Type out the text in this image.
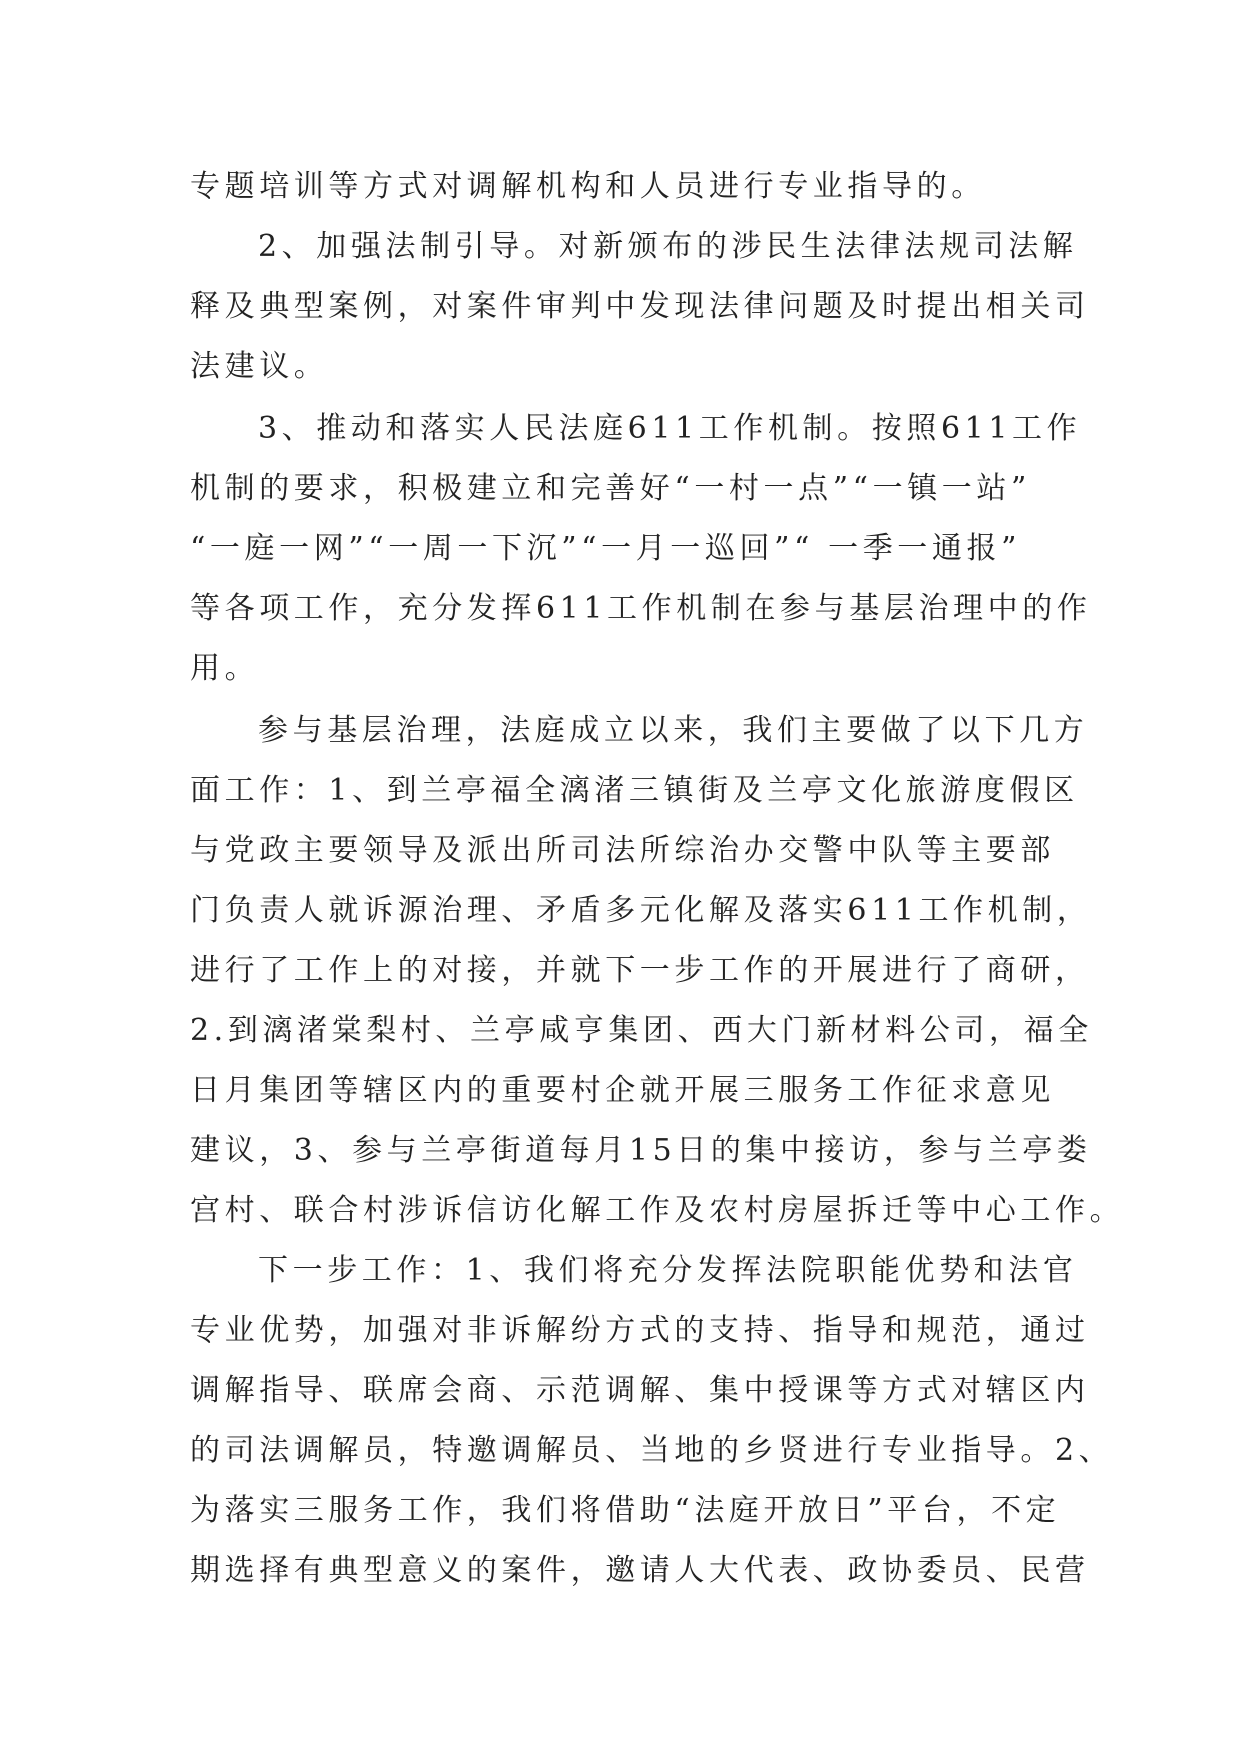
专题培训等方式对调解机构和人员进行专业指导的。
2、加强法制引导。对新颁布的涉民生法律法规司法解
释及典型案例，对案件审判中发现法律问题及时提出相关司
法建议。
3、推动和落实人民法庭611工作机制。按照611工作
机制的要求，积极建立和完善好“一村一点”“一镇一站”
“一庭一网”“一周一下沉”“一月一巡回”“ 一季一通报”
等各项工作，充分发挥611工作机制在参与基层治理中的作
用。
参与基层治理，法庭成立以来，我们主要做了以下几方
面工作：1、到兰亭福全漓渚三镇街及兰亭文化旅游度假区
与党政主要领导及派出所司法所综治办交警中队等主要部
门负责人就诉源治理、矛盾多元化解及落实611工作机制，
进行了工作上的对接，并就下一步工作的开展进行了商研，
2.到漓渚棠梨村、兰亭咸亨集团、西大门新材料公司，福全
日月集团等辖区内的重要村企就开展三服务工作征求意见
建议，3、参与兰亭街道每月15日的集中接访，参与兰亭娄
宫村、联合村涉诉信访化解工作及农村房屋拆迁等中心工作。
下一步工作：1、我们将充分发挥法院职能优势和法官
专业优势，加强对非诉解纷方式的支持、指导和规范，通过
调解指导、联席会商、示范调解、集中授课等方式对辖区内
的司法调解员，特邀调解员、当地的乡贤进行专业指导。2、
为落实三服务工作，我们将借助“法庭开放日”平台，不定
期选择有典型意义的案件，邀请人大代表、政协委员、民营
